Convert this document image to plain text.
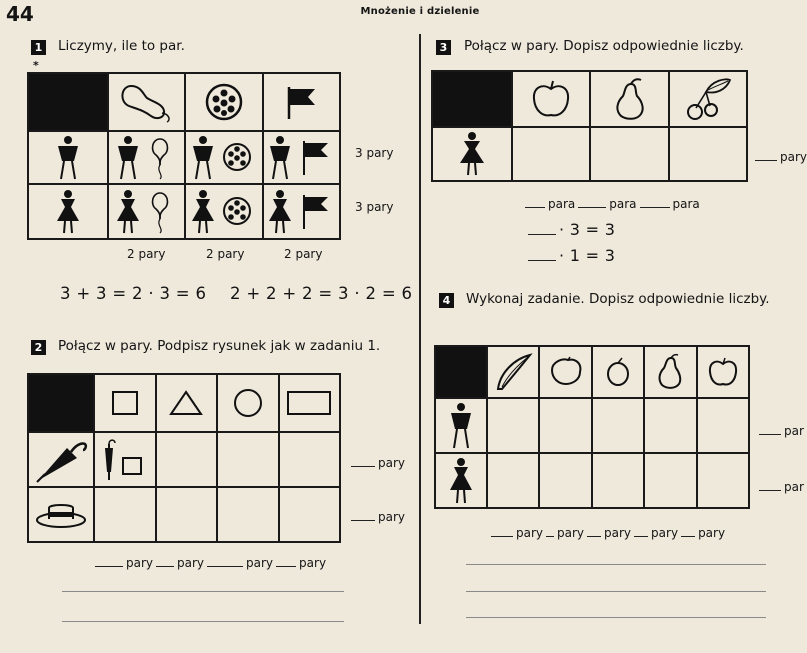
44	Mnożenie i dzielenie
1 Liczymy, ile to par.
*

3 pary
3 pary
2 pary	2 pary	2 pary
3 + 3 = 2 · 3 = 6 2 + 2 + 2 = 3 · 2 = 6
2 Połącz w pary. Podpisz rysunek jak w zadaniu 1.

pary
pary
pary pary	pary pary
3 Połącz w pary. Dopisz odpowiednie liczby.

pary
para	para	para
· 3 = 3
· 1 = 3
4 Wykonaj zadanie. Dopisz odpowiednie liczby.

par
par
pary pary pary pary pary
